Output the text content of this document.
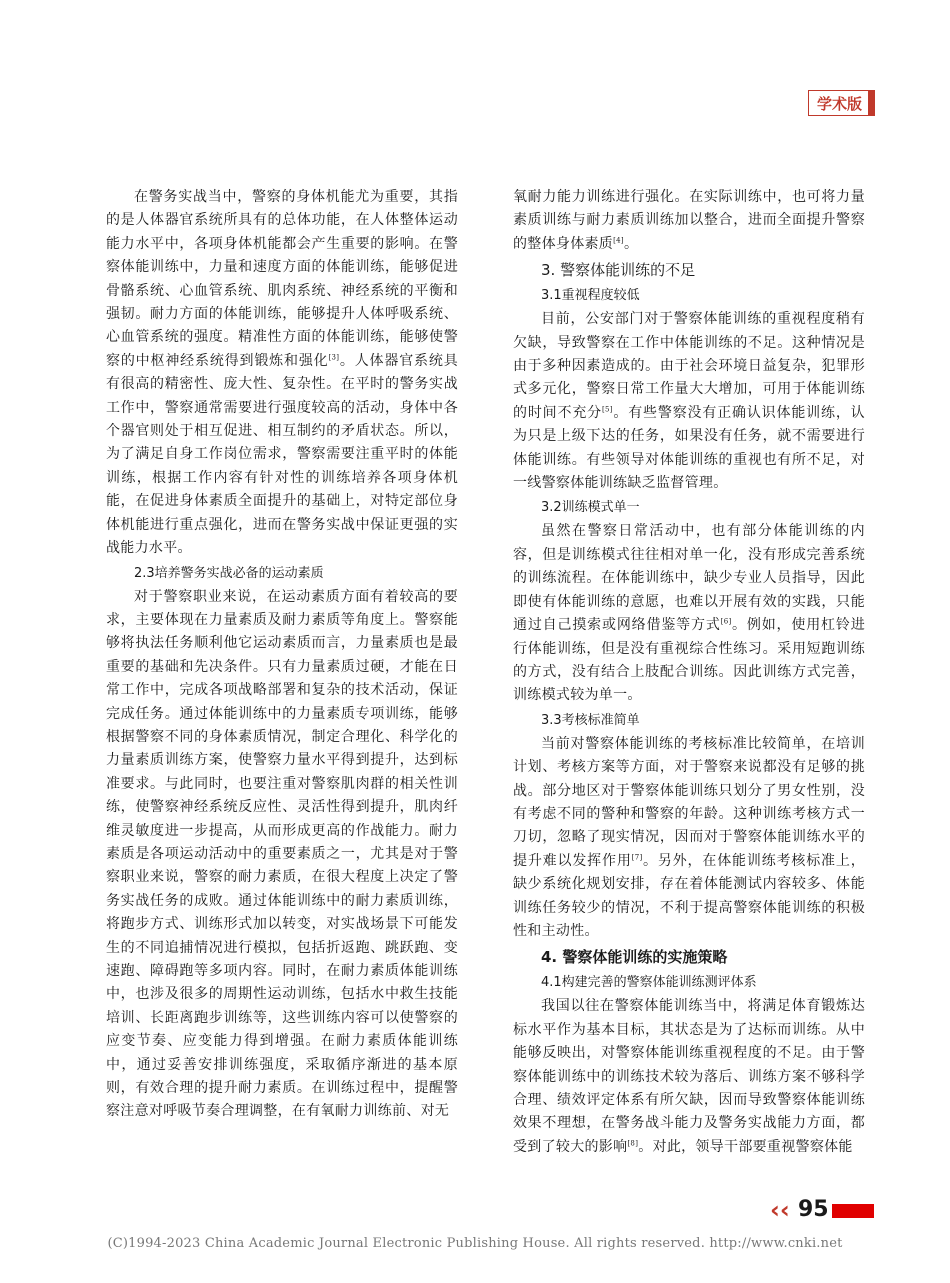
学术版

在警务实战当中，警察的身体机能尤为重要，其指的是人体器官系统所具有的总体功能，在人体整体运动能力水平中，各项身体机能都会产生重要的影响。在警察体能训练中，力量和速度方面的体能训练，能够促进骨骼系统、心血管系统、肌肉系统、神经系统的平衡和强韧。耐力方面的体能训练，能够提升人体呼吸系统、心血管系统的强度。精准性方面的体能训练，能够使警察的中枢神经系统得到锻炼和强化[3]。人体器官系统具有很高的精密性、庞大性、复杂性。在平时的警务实战工作中，警察通常需要进行强度较高的活动，身体中各个器官则处于相互促进、相互制约的矛盾状态。所以，为了满足自身工作岗位需求，警察需要注重平时的体能训练，根据工作内容有针对性的训练培养各项身体机能，在促进身体素质全面提升的基础上，对特定部位身体机能进行重点强化，进而在警务实战中保证更强的实战能力水平。

2.3培养警务实战必备的运动素质

对于警察职业来说，在运动素质方面有着较高的要求，主要体现在力量素质及耐力素质等角度上。警察能够将执法任务顺利他它运动素质而言，力量素质也是最重要的基础和先决条件。只有力量素质过硬，才能在日常工作中，完成各项战略部署和复杂的技术活动，保证完成任务。通过体能训练中的力量素质专项训练，能够根据警察不同的身体素质情况，制定合理化、科学化的力量素质训练方案，使警察力量水平得到提升，达到标准要求。与此同时，也要注重对警察肌肉群的相关性训练，使警察神经系统反应性、灵活性得到提升，肌肉纤维灵敏度进一步提高，从而形成更高的作战能力。耐力素质是各项运动活动中的重要素质之一，尤其是对于警察职业来说，警察的耐力素质，在很大程度上决定了警务实战任务的成败。通过体能训练中的耐力素质训练，将跑步方式、训练形式加以转变，对实战场景下可能发生的不同追捕情况进行模拟，包括折返跑、跳跃跑、变速跑、障碍跑等多项内容。同时，在耐力素质体能训练中，也涉及很多的周期性运动训练，包括水中救生技能培训、长距离跑步训练等，这些训练内容可以使警察的应变节奏、应变能力得到增强。在耐力素质体能训练中，通过妥善安排训练强度，采取循序渐进的基本原则，有效合理的提升耐力素质。在训练过程中，提醒警察注意对呼吸节奏合理调整，在有氧耐力训练前、对无

氧耐力能力训练进行强化。在实际训练中，也可将力量素质训练与耐力素质训练加以整合，进而全面提升警察的整体身体素质[4]。

3. 警察体能训练的不足
3.1重视程度较低

目前，公安部门对于警察体能训练的重视程度稍有欠缺，导致警察在工作中体能训练的不足。这种情况是由于多种因素造成的。由于社会环境日益复杂，犯罪形式多元化，警察日常工作量大大增加，可用于体能训练的时间不充分[5]。有些警察没有正确认识体能训练，认为只是上级下达的任务，如果没有任务，就不需要进行体能训练。有些领导对体能训练的重视也有所不足，对一线警察体能训练缺乏监督管理。

3.2训练模式单一

虽然在警察日常活动中，也有部分体能训练的内容，但是训练模式往往相对单一化，没有形成完善系统的训练流程。在体能训练中，缺少专业人员指导，因此即使有体能训练的意愿，也难以开展有效的实践，只能通过自己摸索或网络借鉴等方式[6]。例如，使用杠铃进行体能训练，但是没有重视综合性练习。采用短跑训练的方式，没有结合上肢配合训练。因此训练方式完善，训练模式较为单一。

3.3考核标准简单

当前对警察体能训练的考核标准比较简单，在培训计划、考核方案等方面，对于警察来说都没有足够的挑战。部分地区对于警察体能训练只划分了男女性别，没有考虑不同的警种和警察的年龄。这种训练考核方式一刀切，忽略了现实情况，因而对于警察体能训练水平的提升难以发挥作用[7]。另外，在体能训练考核标准上，缺少系统化规划安排，存在着体能测试内容较多、体能训练任务较少的情况，不利于提高警察体能训练的积极性和主动性。

4. 警察体能训练的实施策略
4.1构建完善的警察体能训练测评体系

我国以往在警察体能训练当中，将满足体育锻炼达标水平作为基本目标，其状态是为了达标而训练。从中能够反映出，对警察体能训练重视程度的不足。由于警察体能训练中的训练技术较为落后、训练方案不够科学合理、绩效评定体系有所欠缺，因而导致警察体能训练效果不理想，在警务战斗能力及警务实战能力方面，都受到了较大的影响[8]。对此，领导干部要重视警察体能

‹‹ 95
(C)1994-2023 China Academic Journal Electronic Publishing House. All rights reserved. http://www.cnki.net
